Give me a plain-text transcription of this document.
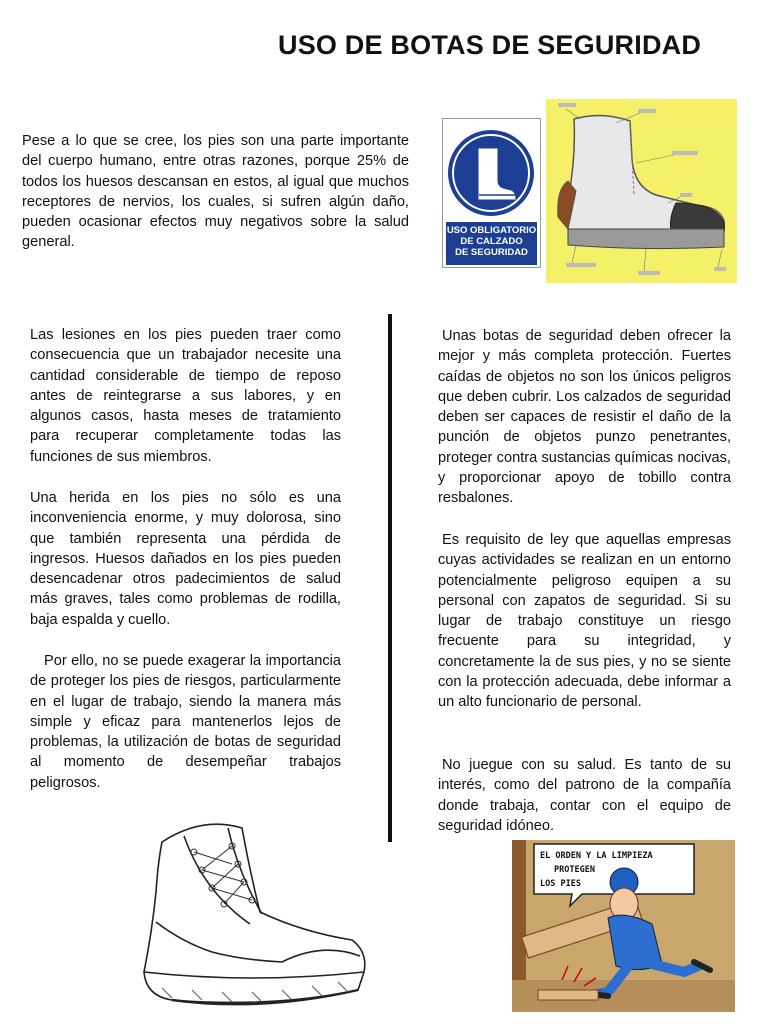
USO DE BOTAS DE SEGURIDAD

Pese a lo que se cree, los pies son una parte importante del cuerpo humano, entre otras razones, porque 25% de todos los huesos descansan en estos, al igual que muchos receptores de nervios, los cuales, si sufren algún daño, pueden ocasionar efectos muy negativos sobre la salud general.

USO OBLIGATORIO
DE CALZADO
DE SEGURIDAD

Las lesiones en los pies pueden traer como consecuencia que un trabajador necesite una cantidad considerable de tiempo de reposo antes de reintegrarse a sus labores, y en algunos casos, hasta meses de tratamiento para recuperar completamente todas las funciones de sus miembros.

Una herida en los pies no sólo es una inconveniencia enorme, y muy dolorosa, sino que también representa una pérdida de ingresos. Huesos dañados en los pies pueden desencadenar otros padecimientos de salud más graves, tales como problemas de rodilla, baja espalda y cuello.

Por ello, no se puede exagerar la importancia de proteger los pies de riesgos, particularmente en el lugar de trabajo, siendo la manera más simple y eficaz para mantenerlos lejos de problemas, la utilización de botas de seguridad al momento de desempeñar trabajos peligrosos.

Unas botas de seguridad deben ofrecer la mejor y más completa protección. Fuertes caídas de objetos no son los únicos peligros que deben cubrir. Los calzados de seguridad deben ser capaces de resistir el daño de la punción de objetos punzo penetrantes, proteger contra sustancias químicas nocivas, y proporcionar apoyo de tobillo contra resbalones.

Es requisito de ley que aquellas empresas cuyas actividades se realizan en un entorno potencialmente peligroso equipen a su personal con zapatos de seguridad. Si su lugar de trabajo constituye un riesgo frecuente para su integridad, y concretamente la de sus pies, y no se siente con la protección adecuada, debe informar a un alto funcionario de personal.

No juegue con su salud. Es tanto de su interés, como del patrono de la compañía donde trabaja, contar con el equipo de seguridad idóneo.

EL ORDEN Y LA LIMPIEZA
PROTEGEN
LOS PIES
